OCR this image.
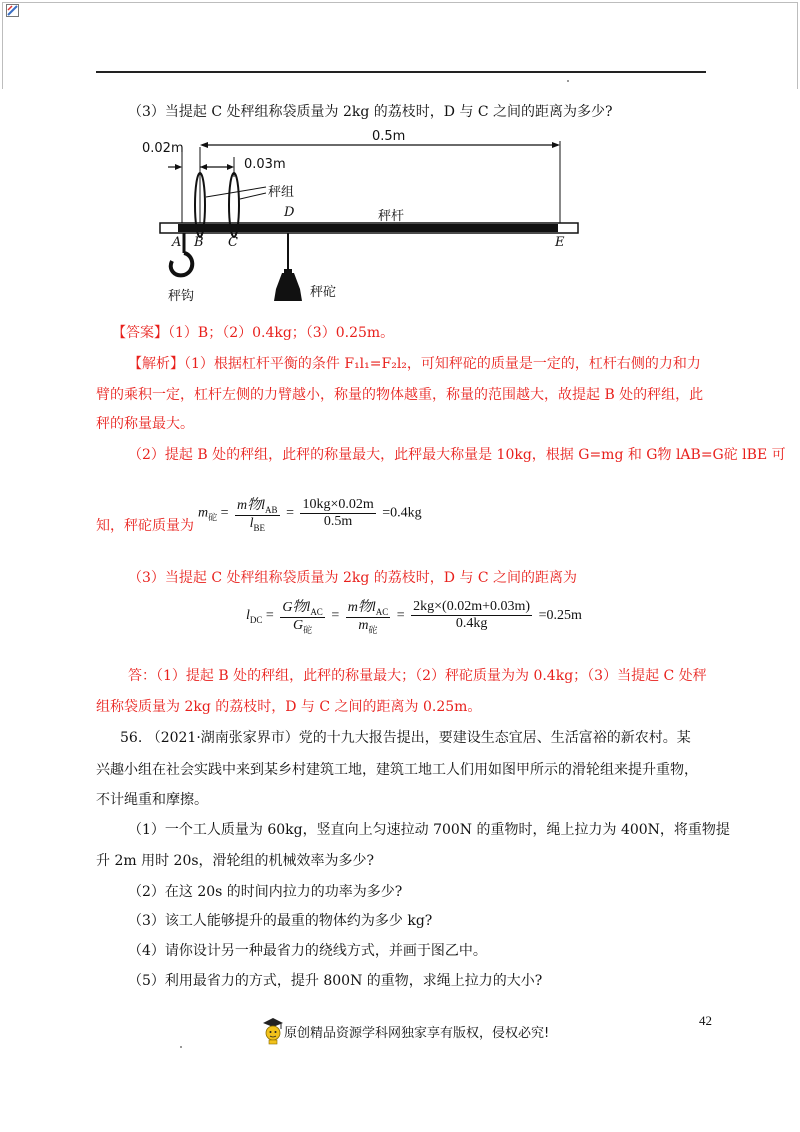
（3）当提起 C 处秤组称袋质量为 2kg 的荔枝时，D 与 C 之间的距离为多少?
0.02m
0.5m
0.03m
秤组
D	秤杆
A B C	E
秤钩	秤砣
【答案】（1）B；（2）0.4kg；（3）0.25m。
【解析】（1）根据杠杆平衡的条件 F₁l₁=F₂l₂，可知秤砣的质量是一定的，杠杆右侧的力和力
臂的乘积一定，杠杆左侧的力臂越小，称量的物体越重，称量的范围越大，故提起 B 处的秤组，此
秤的称量最大。
（2）提起 B 处的秤组，此秤的称量最大，此秤最大称量是 10kg，根据 G=mg 和 G物 lAB=G砣 lBE 可
知，秤砣质量为
$m_砣 = \frac{m物l_{AB}}{l_{BE}} = \frac{10kg\times 0.02m}{0.5m} =0.4kg$
（3）当提起 C 处秤组称袋质量为 2kg 的荔枝时，D 与 C 之间的距离为
$l_{DC} = \frac{G物l_{AC}}{G_砣} = \frac{m物l_{AC}}{m_砣} = \frac{2kg\times(0.02m+0.03m)}{0.4kg} =0.25m$
答：（1）提起 B 处的秤组，此秤的称量最大；（2）秤砣质量为为 0.4kg；（3）当提起 C 处秤
组称袋质量为 2kg 的荔枝时，D 与 C 之间的距离为 0.25m。
56. （2021·湖南张家界市）党的十九大报告提出，要建设生态宜居、生活富裕的新农村。某
兴趣小组在社会实践中来到某乡村建筑工地，建筑工地工人们用如图甲所示的滑轮组来提升重物，
不计绳重和摩擦。
（1）一个工人质量为 60kg，竖直向上匀速拉动 700N 的重物时，绳上拉力为 400N，将重物提
升 2m 用时 20s，滑轮组的机械效率为多少?
（2）在这 20s 的时间内拉力的功率为多少?
（3）该工人能够提升的最重的物体约为多少 kg?
（4）请你设计另一种最省力的绕线方式，并画于图乙中。
（5）利用最省力的方式，提升 800N 的重物，求绳上拉力的大小?
42
原创精品资源学科网独家享有版权，侵权必究!
